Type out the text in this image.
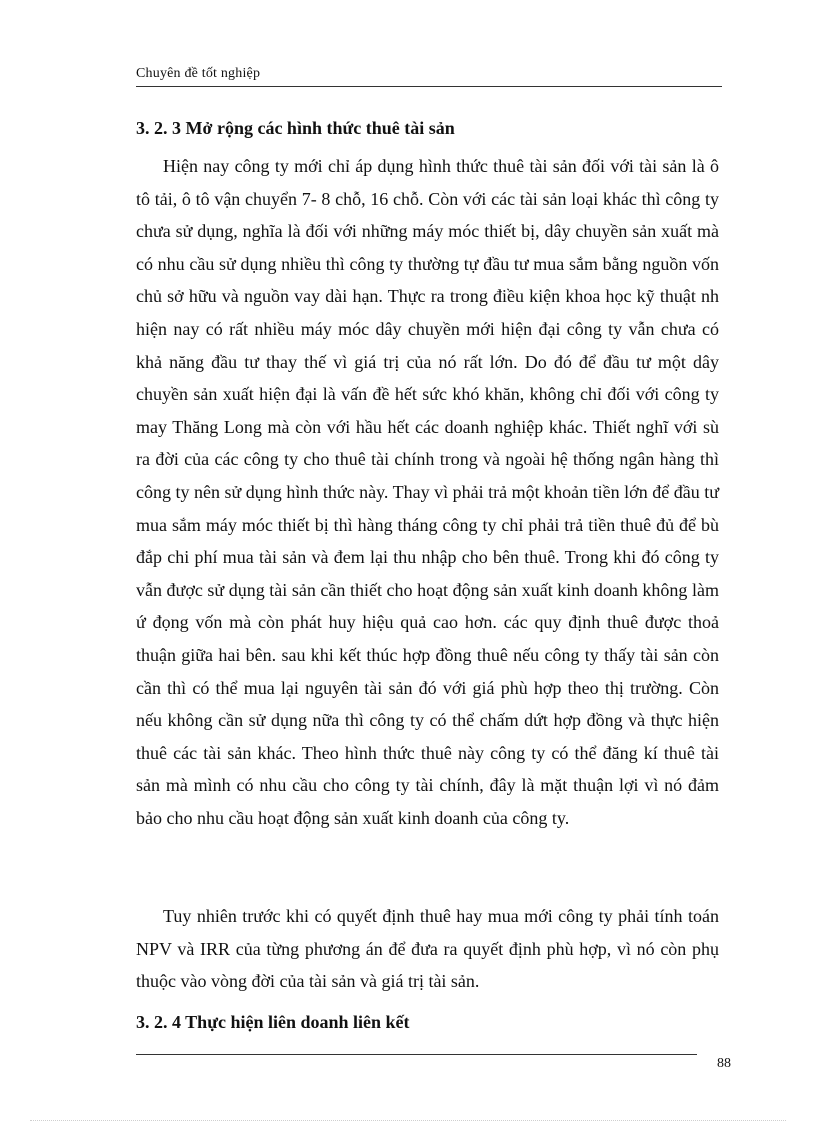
Chuyên đề tốt nghiệp
3. 2. 3 Mở rộng các hình thức thuê tài sản

Hiện nay công ty mới chỉ áp dụng hình thức thuê tài sản đối với tài sản là ô tô tải, ô tô vận chuyển 7- 8 chỗ, 16 chỗ. Còn với các tài sản loại khác thì công ty chưa sử dụng, nghĩa là đối với những máy móc thiết bị, dây chuyền sản xuất mà có nhu cầu sử dụng nhiều thì công ty thường tự đầu tư mua sắm bằng nguồn vốn chủ sở hữu và nguồn vay dài hạn. Thực ra trong điều kiện khoa học kỹ thuật nh hiện nay có rất nhiều máy móc dây chuyền mới hiện đại công ty vẫn chưa có khả năng đầu tư thay thế vì giá trị của nó rất lớn. Do đó để đầu tư một dây chuyền sản xuất hiện đại là vấn đề hết sức khó khăn, không chỉ đối với công ty may Thăng Long mà còn với hầu hết các doanh nghiệp khác. Thiết nghĩ với sù ra đời của các công ty cho thuê tài chính trong và ngoài hệ thống ngân hàng thì công ty nên sử dụng hình thức này. Thay vì phải trả một khoản tiền lớn để đầu tư mua sắm máy móc thiết bị thì hàng tháng công ty chỉ phải trả tiền thuê đủ để bù đắp chi phí mua tài sản và đem lại thu nhập cho bên thuê. Trong khi đó công ty vẫn được sử dụng tài sản cần thiết cho hoạt động sản xuất kinh doanh không làm ứ đọng vốn mà còn phát huy hiệu quả cao hơn. các quy định thuê được thoả thuận giữa hai bên. sau khi kết thúc hợp đồng thuê nếu công ty thấy tài sản còn cần thì có thể mua lại nguyên tài sản đó với giá phù hợp theo thị trường. Còn nếu không cần sử dụng nữa thì công ty có thể chấm dứt hợp đồng và thực hiện thuê các tài sản khác. Theo hình thức thuê này công ty có thể đăng kí thuê tài sản mà mình có nhu cầu cho công ty tài chính, đây là mặt thuận lợi vì nó đảm bảo cho nhu cầu hoạt động sản xuất kinh doanh của công ty.

Tuy nhiên trước khi có quyết định thuê hay mua mới công ty phải tính toán NPV và IRR của từng phương án để đưa ra quyết định phù hợp, vì nó còn phụ thuộc vào vòng đời của tài sản và giá trị tài sản.

3. 2. 4 Thực hiện liên doanh liên kết
88
